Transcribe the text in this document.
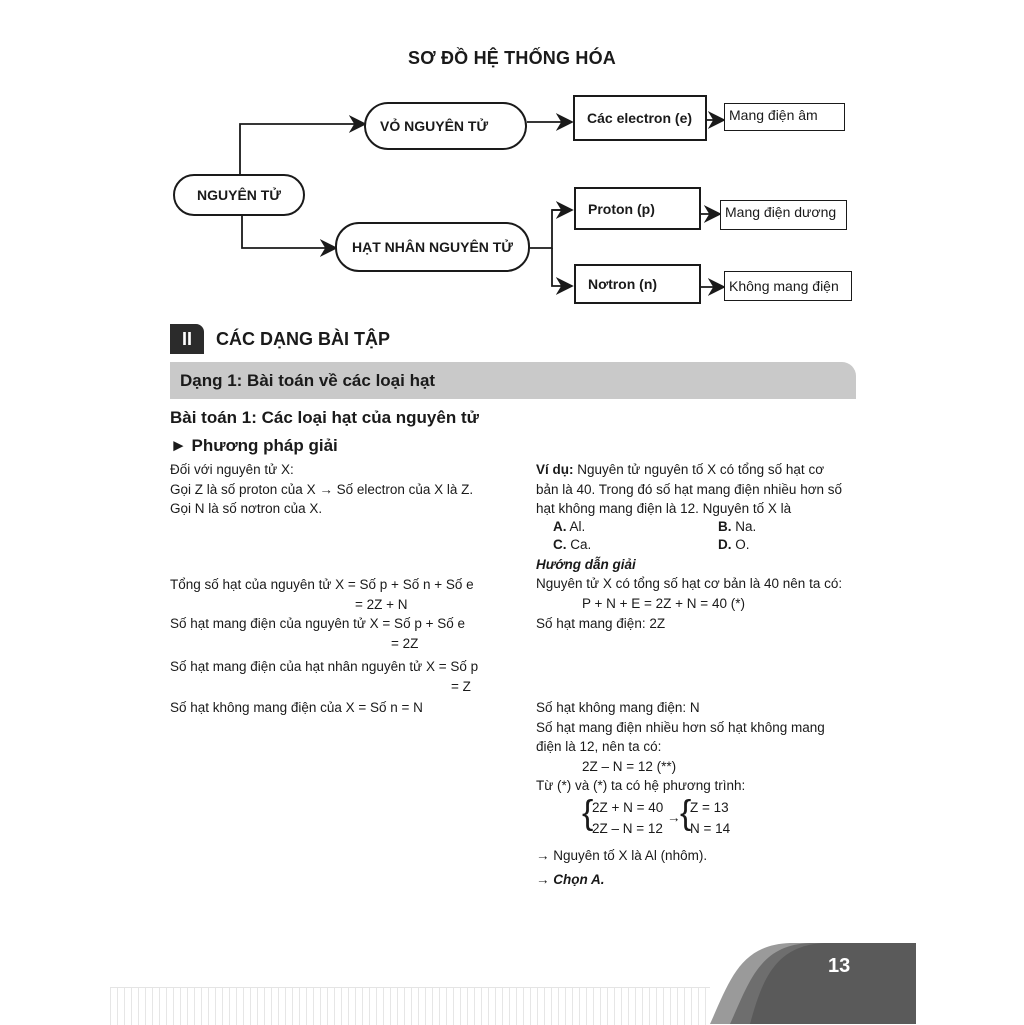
SƠ ĐỒ HỆ THỐNG HÓA
NGUYÊN TỬ
VỎ NGUYÊN TỬ
HẠT NHÂN NGUYÊN TỬ
Các electron (e)	Mang điện âm
Proton (p)	Mang điện dương
Nơtron (n)	Không mang điện
II	CÁC DẠNG BÀI TẬP
Dạng 1: Bài toán về các loại hạt
Bài toán 1: Các loại hạt của nguyên tử
► Phương pháp giải
Đối với nguyên tử X:
Gọi Z là số proton của X → Số electron của X là Z.
Gọi N là số nơtron của X.
Tổng số hạt của nguyên tử X = Số p + Số n + Số e
= 2Z + N
Số hạt mang điện của nguyên tử X = Số p + Số e
= 2Z
Số hạt mang điện của hạt nhân nguyên tử X = Số p
= Z
Số hạt không mang điện của X = Số n = N
Ví dụ: Nguyên tử nguyên tố X có tổng số hạt cơ
bản là 40. Trong đó số hạt mang điện nhiều hơn số
hạt không mang điện là 12. Nguyên tố X là
A. Al.	B. Na.
C. Ca.	D. O.
Hướng dẫn giải
Nguyên tử X có tổng số hạt cơ bản là 40 nên ta có:
P + N + E = 2Z + N = 40 (*)
Số hạt mang điện: 2Z
Số hạt không mang điện: N
Số hạt mang điện nhiều hơn số hạt không mang
điện là 12, nên ta có:
2Z – N = 12 (**)
Từ (*) và (*) ta có hệ phương trình:
{
2Z + N = 40
2Z – N = 12
→ {
Z = 13
N = 14
→ Nguyên tố X là Al (nhôm).
→ Chọn A.
13
